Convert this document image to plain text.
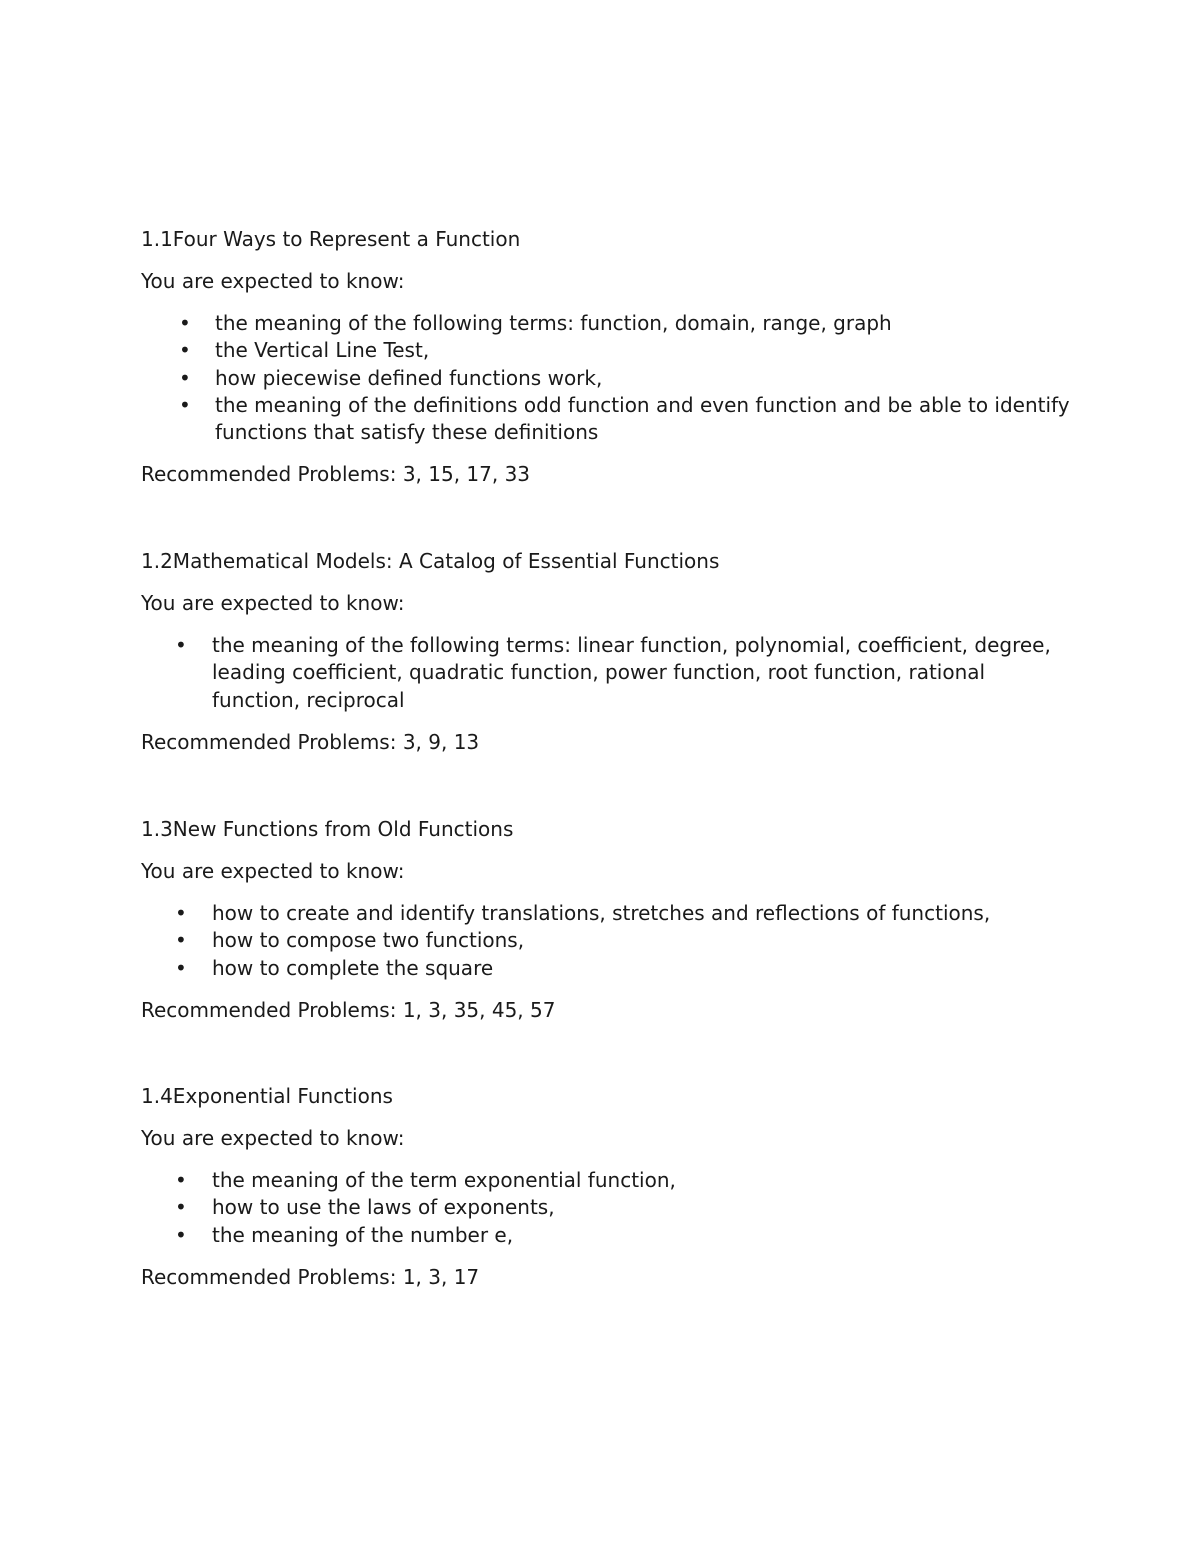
1.1Four Ways to Represent a Function

You are expected to know:

• the meaning of the following terms: function, domain, range, graph
• the Vertical Line Test,
• how piecewise defined functions work,
• the meaning of the definitions odd function and even function and be able to identify functions that satisfy these definitions

Recommended Problems: 3, 15, 17, 33

1.2Mathematical Models: A Catalog of Essential Functions

You are expected to know:

• the meaning of the following terms: linear function, polynomial, coefficient, degree, leading coefficient, quadratic function, power function, root function, rational function, reciprocal

Recommended Problems: 3, 9, 13

1.3New Functions from Old Functions

You are expected to know:

• how to create and identify translations, stretches and reflections of functions,
• how to compose two functions,
• how to complete the square

Recommended Problems: 1, 3, 35, 45, 57

1.4Exponential Functions

You are expected to know:

• the meaning of the term exponential function,
• how to use the laws of exponents,
• the meaning of the number e,

Recommended Problems: 1, 3, 17
